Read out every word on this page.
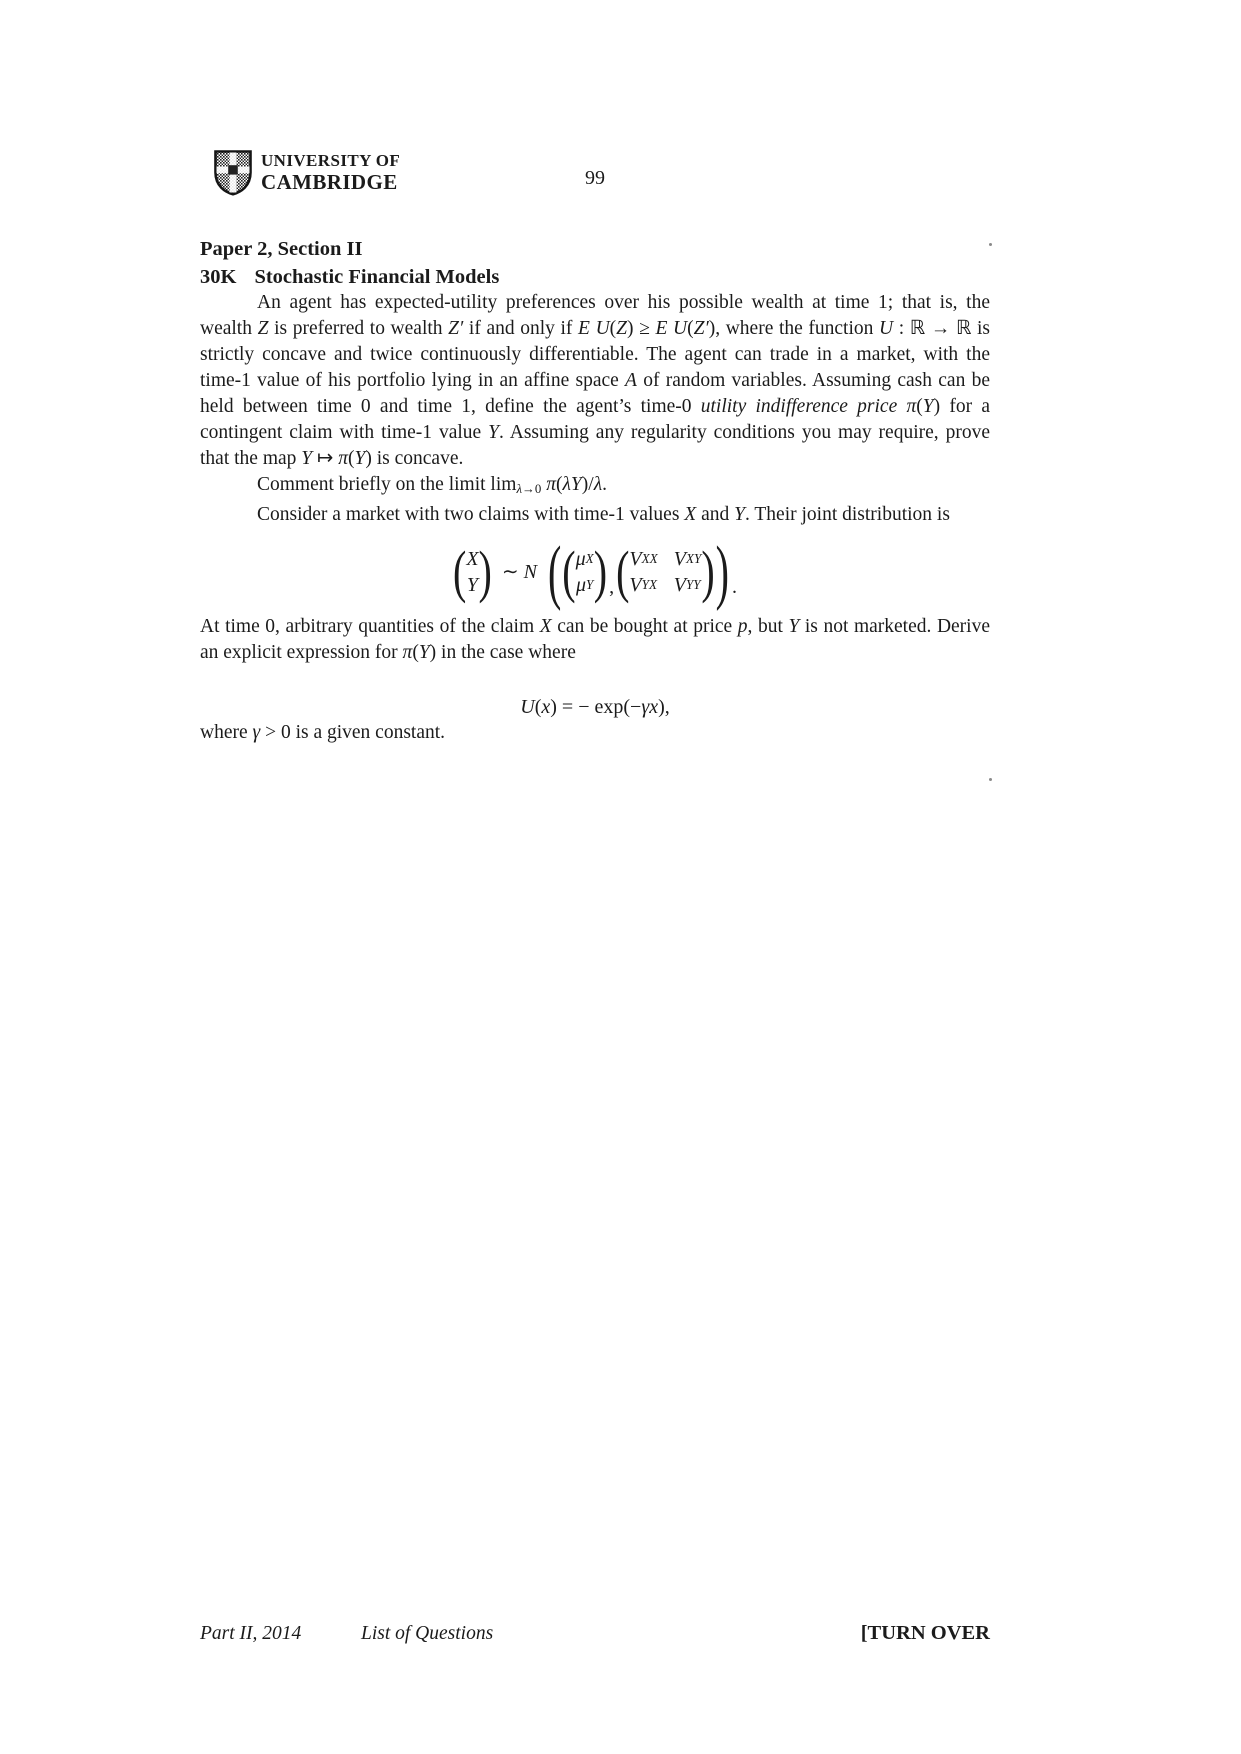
UNIVERSITY OF
CAMBRIDGE	99
Paper 2, Section II
30K Stochastic Financial Models

An agent has expected-utility preferences over his possible wealth at time 1; that is, the wealth Z is preferred to wealth Z′ if and only if E U(Z) ≥ E U(Z′), where the function U : ℝ → ℝ is strictly concave and twice continuously differentiable. The agent can trade in a market, with the time-1 value of his portfolio lying in an affine space A of random variables. Assuming cash can be held between time 0 and time 1, define the agent’s time-0 utility indifference price π(Y) for a contingent claim with time-1 value Y. Assuming any regularity conditions you may require, prove that the map Y ↦ π(Y) is concave.

Comment briefly on the limit limλ→0 π(λY)/λ.

Consider a market with two claims with time-1 values X and Y. Their joint distribution is

( X
Y ) ∼ N ( ( μ X
μ Y ) , ( V XX V XY
V YX V YY ) ) .

At time 0, arbitrary quantities of the claim X can be bought at price p, but Y is not marketed. Derive an explicit expression for π(Y) in the case where

U(x) = − exp(−γx),

where γ > 0 is a given constant.

Part II, 2014	List of Questions	[TURN OVER
